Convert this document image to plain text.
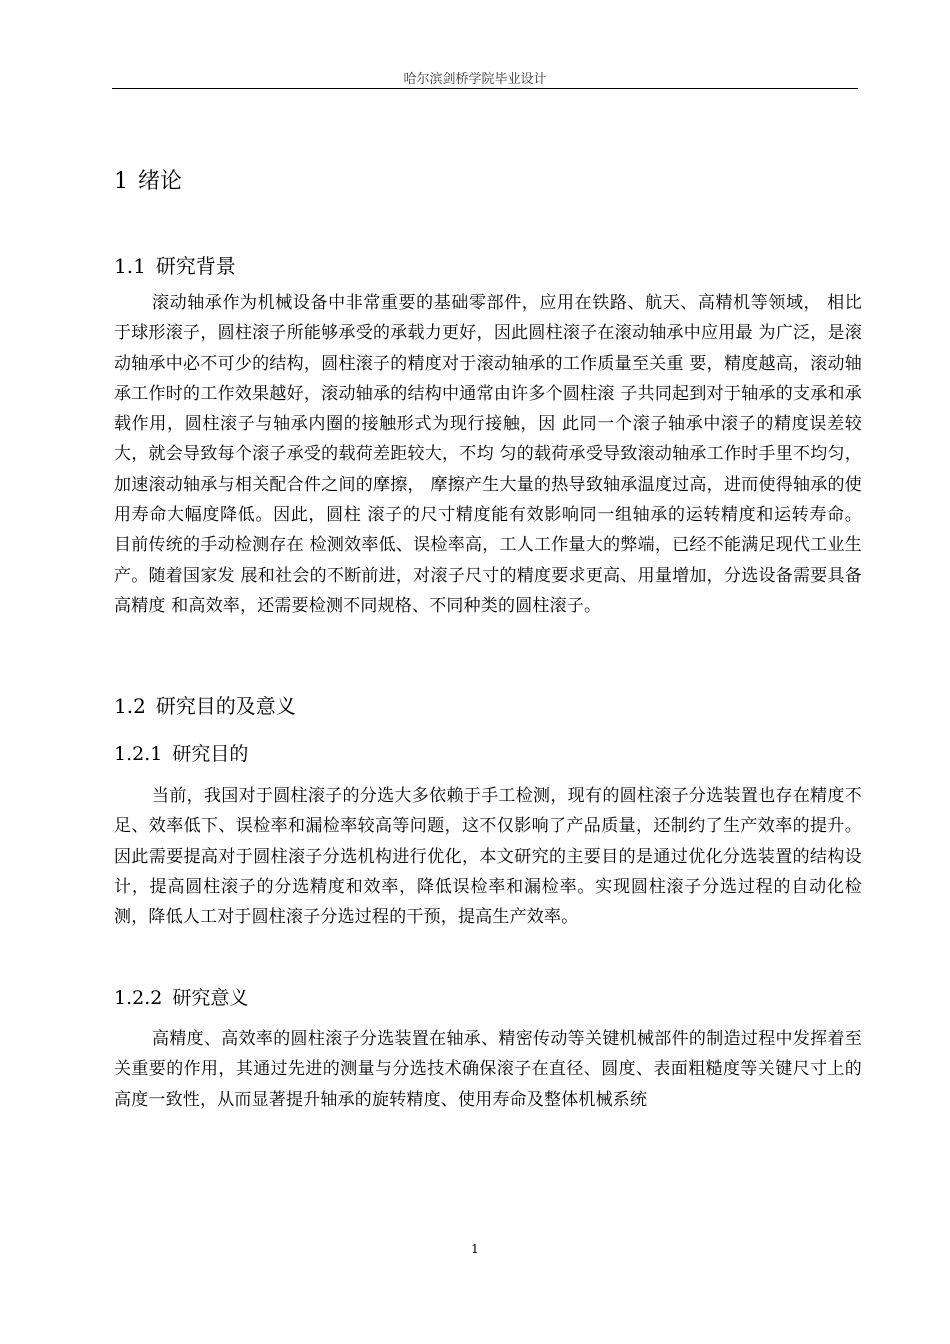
哈尔滨剑桥学院毕业设计
1 绪论
1.1 研究背景

滚动轴承作为机械设备中非常重要的基础零部件，应用在铁路、航天、高精机等领域， 相比于球形滚子，圆柱滚子所能够承受的承载力更好，因此圆柱滚子在滚动轴承中应用最 为广泛，是滚动轴承中必不可少的结构，圆柱滚子的精度对于滚动轴承的工作质量至关重 要，精度越高，滚动轴承工作时的工作效果越好，滚动轴承的结构中通常由许多个圆柱滚 子共同起到对于轴承的支承和承载作用，圆柱滚子与轴承内圈的接触形式为现行接触，因 此同一个滚子轴承中滚子的精度误差较大，就会导致每个滚子承受的载荷差距较大，不均 匀的载荷承受导致滚动轴承工作时手里不均匀，加速滚动轴承与相关配合件之间的摩擦， 摩擦产生大量的热导致轴承温度过高，进而使得轴承的使用寿命大幅度降低。因此，圆柱 滚子的尺寸精度能有效影响同一组轴承的运转精度和运转寿命。 目前传统的手动检测存在 检测效率低、误检率高，工人工作量大的弊端，已经不能满足现代工业生产。随着国家发 展和社会的不断前进，对滚子尺寸的精度要求更高、用量增加，分选设备需要具备高精度 和高效率，还需要检测不同规格、不同种类的圆柱滚子。

1.2 研究目的及意义
1.2.1 研究目的

当前，我国对于圆柱滚子的分选大多依赖于手工检测，现有的圆柱滚子分选装置也存在精度不足、效率低下、误检率和漏检率较高等问题，这不仅影响了产品质量，还制约了生产效率的提升。因此需要提高对于圆柱滚子分选机构进行优化，本文研究的主要目的是通过优化分选装置的结构设计，提高圆柱滚子的分选精度和效率，降低误检率和漏检率。实现圆柱滚子分选过程的自动化检测，降低人工对于圆柱滚子分选过程的干预，提高生产效率。

1.2.2 研究意义

高精度、高效率的圆柱滚子分选装置在轴承、精密传动等关键机械部件的制造过程中发挥着至关重要的作用，其通过先进的测量与分选技术确保滚子在直径、圆度、表面粗糙度等关键尺寸上的高度一致性，从而显著提升轴承的旋转精度、使用寿命及整体机械系统

1
